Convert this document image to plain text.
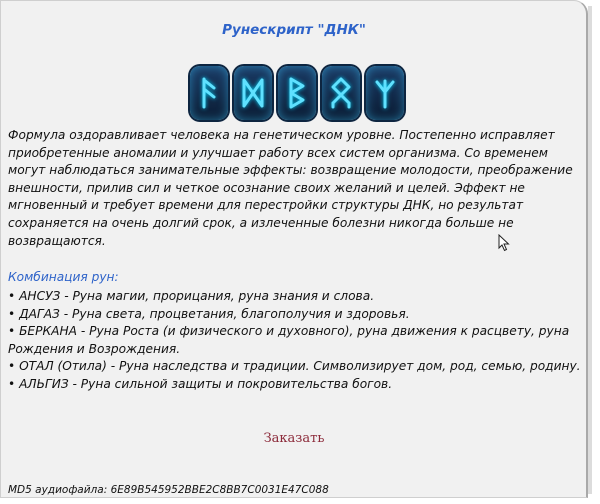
Рунескрипт "ДНК"
Формула оздоравливает человека на генетическом уровне. Постепенно исправляет приобретенные аномалии и улучшает работу всех систем организма. Со временем могут наблюдаться занимательные эффекты: возвращение молодости, преображение внешности, прилив сил и четкое осознание своих желаний и целей. Эффект не мгновенный и требует времени для перестройки структуры ДНК, но результат сохраняется на очень долгий срок, а излеченные болезни никогда больше не возвращаются.
Комбинация рун:
• АНСУЗ - Руна магии, прорицания, руна знания и слова.
• ДАГАЗ - Руна света, процветания, благополучия и здоровья.
• БЕРКАНА - Руна Роста (и физического и духовного), руна движения к расцвету, руна Рождения и Возрождения.
• ОТАЛ (Отила) - Руна наследства и традиции. Символизирует дом, род, семью, родину.
• АЛЬГИЗ - Руна сильной защиты и покровительства богов.
Заказать
MD5 аудиофайла: 6E89B545952BBE2C8BB7C0031E47C088
